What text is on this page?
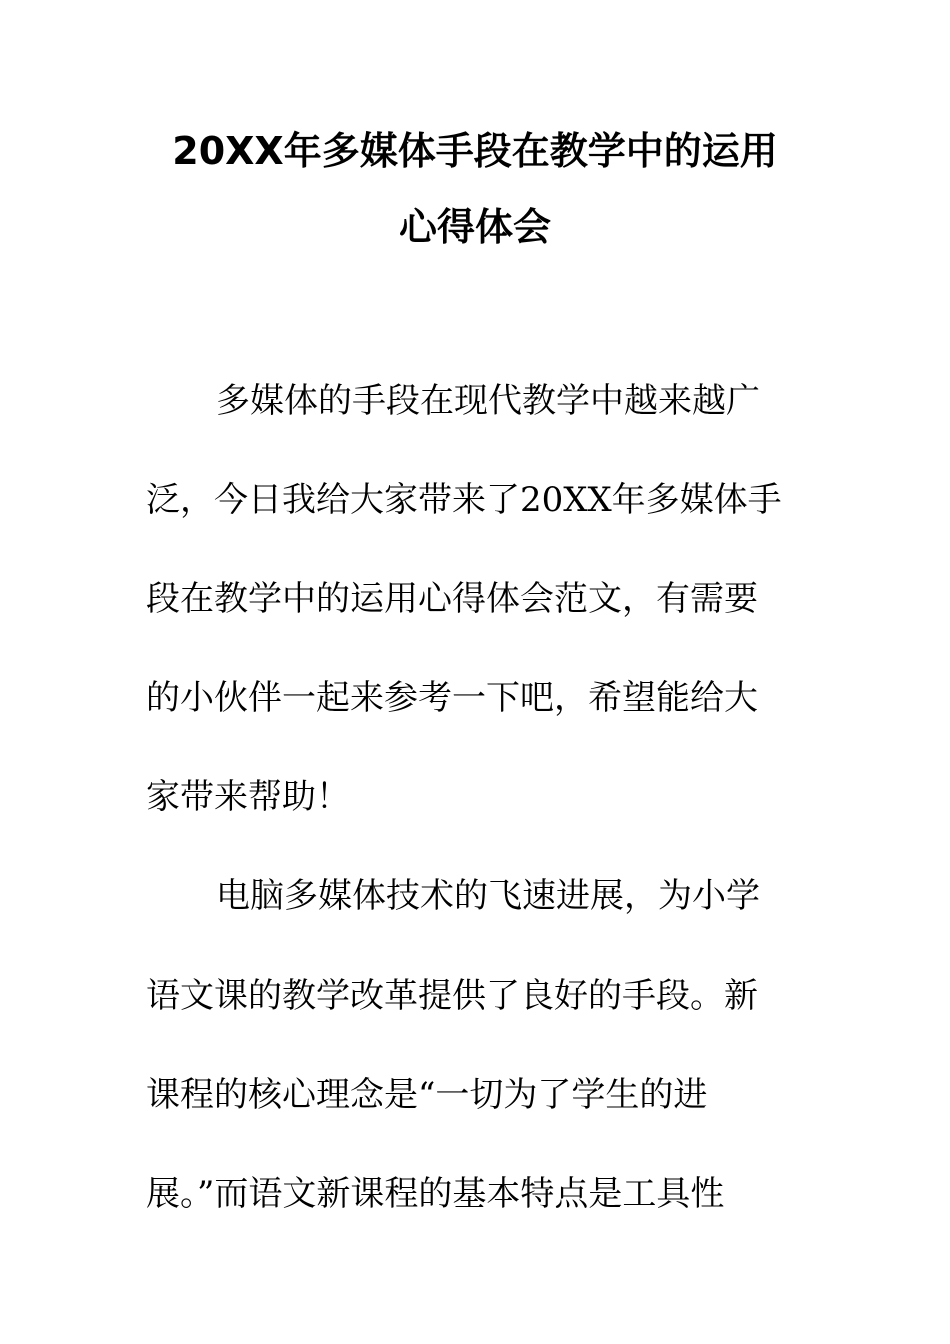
20XX年多媒体手段在教学中的运用
心得体会
多媒体的手段在现代教学中越来越广
泛，今日我给大家带来了20XX年多媒体手
段在教学中的运用心得体会范文，有需要
的小伙伴一起来参考一下吧，希望能给大
家带来帮助！
电脑多媒体技术的飞速进展，为小学
语文课的教学改革提供了良好的手段。新
课程的核心理念是“一切为了学生的进
展。”而语文新课程的基本特点是工具性
